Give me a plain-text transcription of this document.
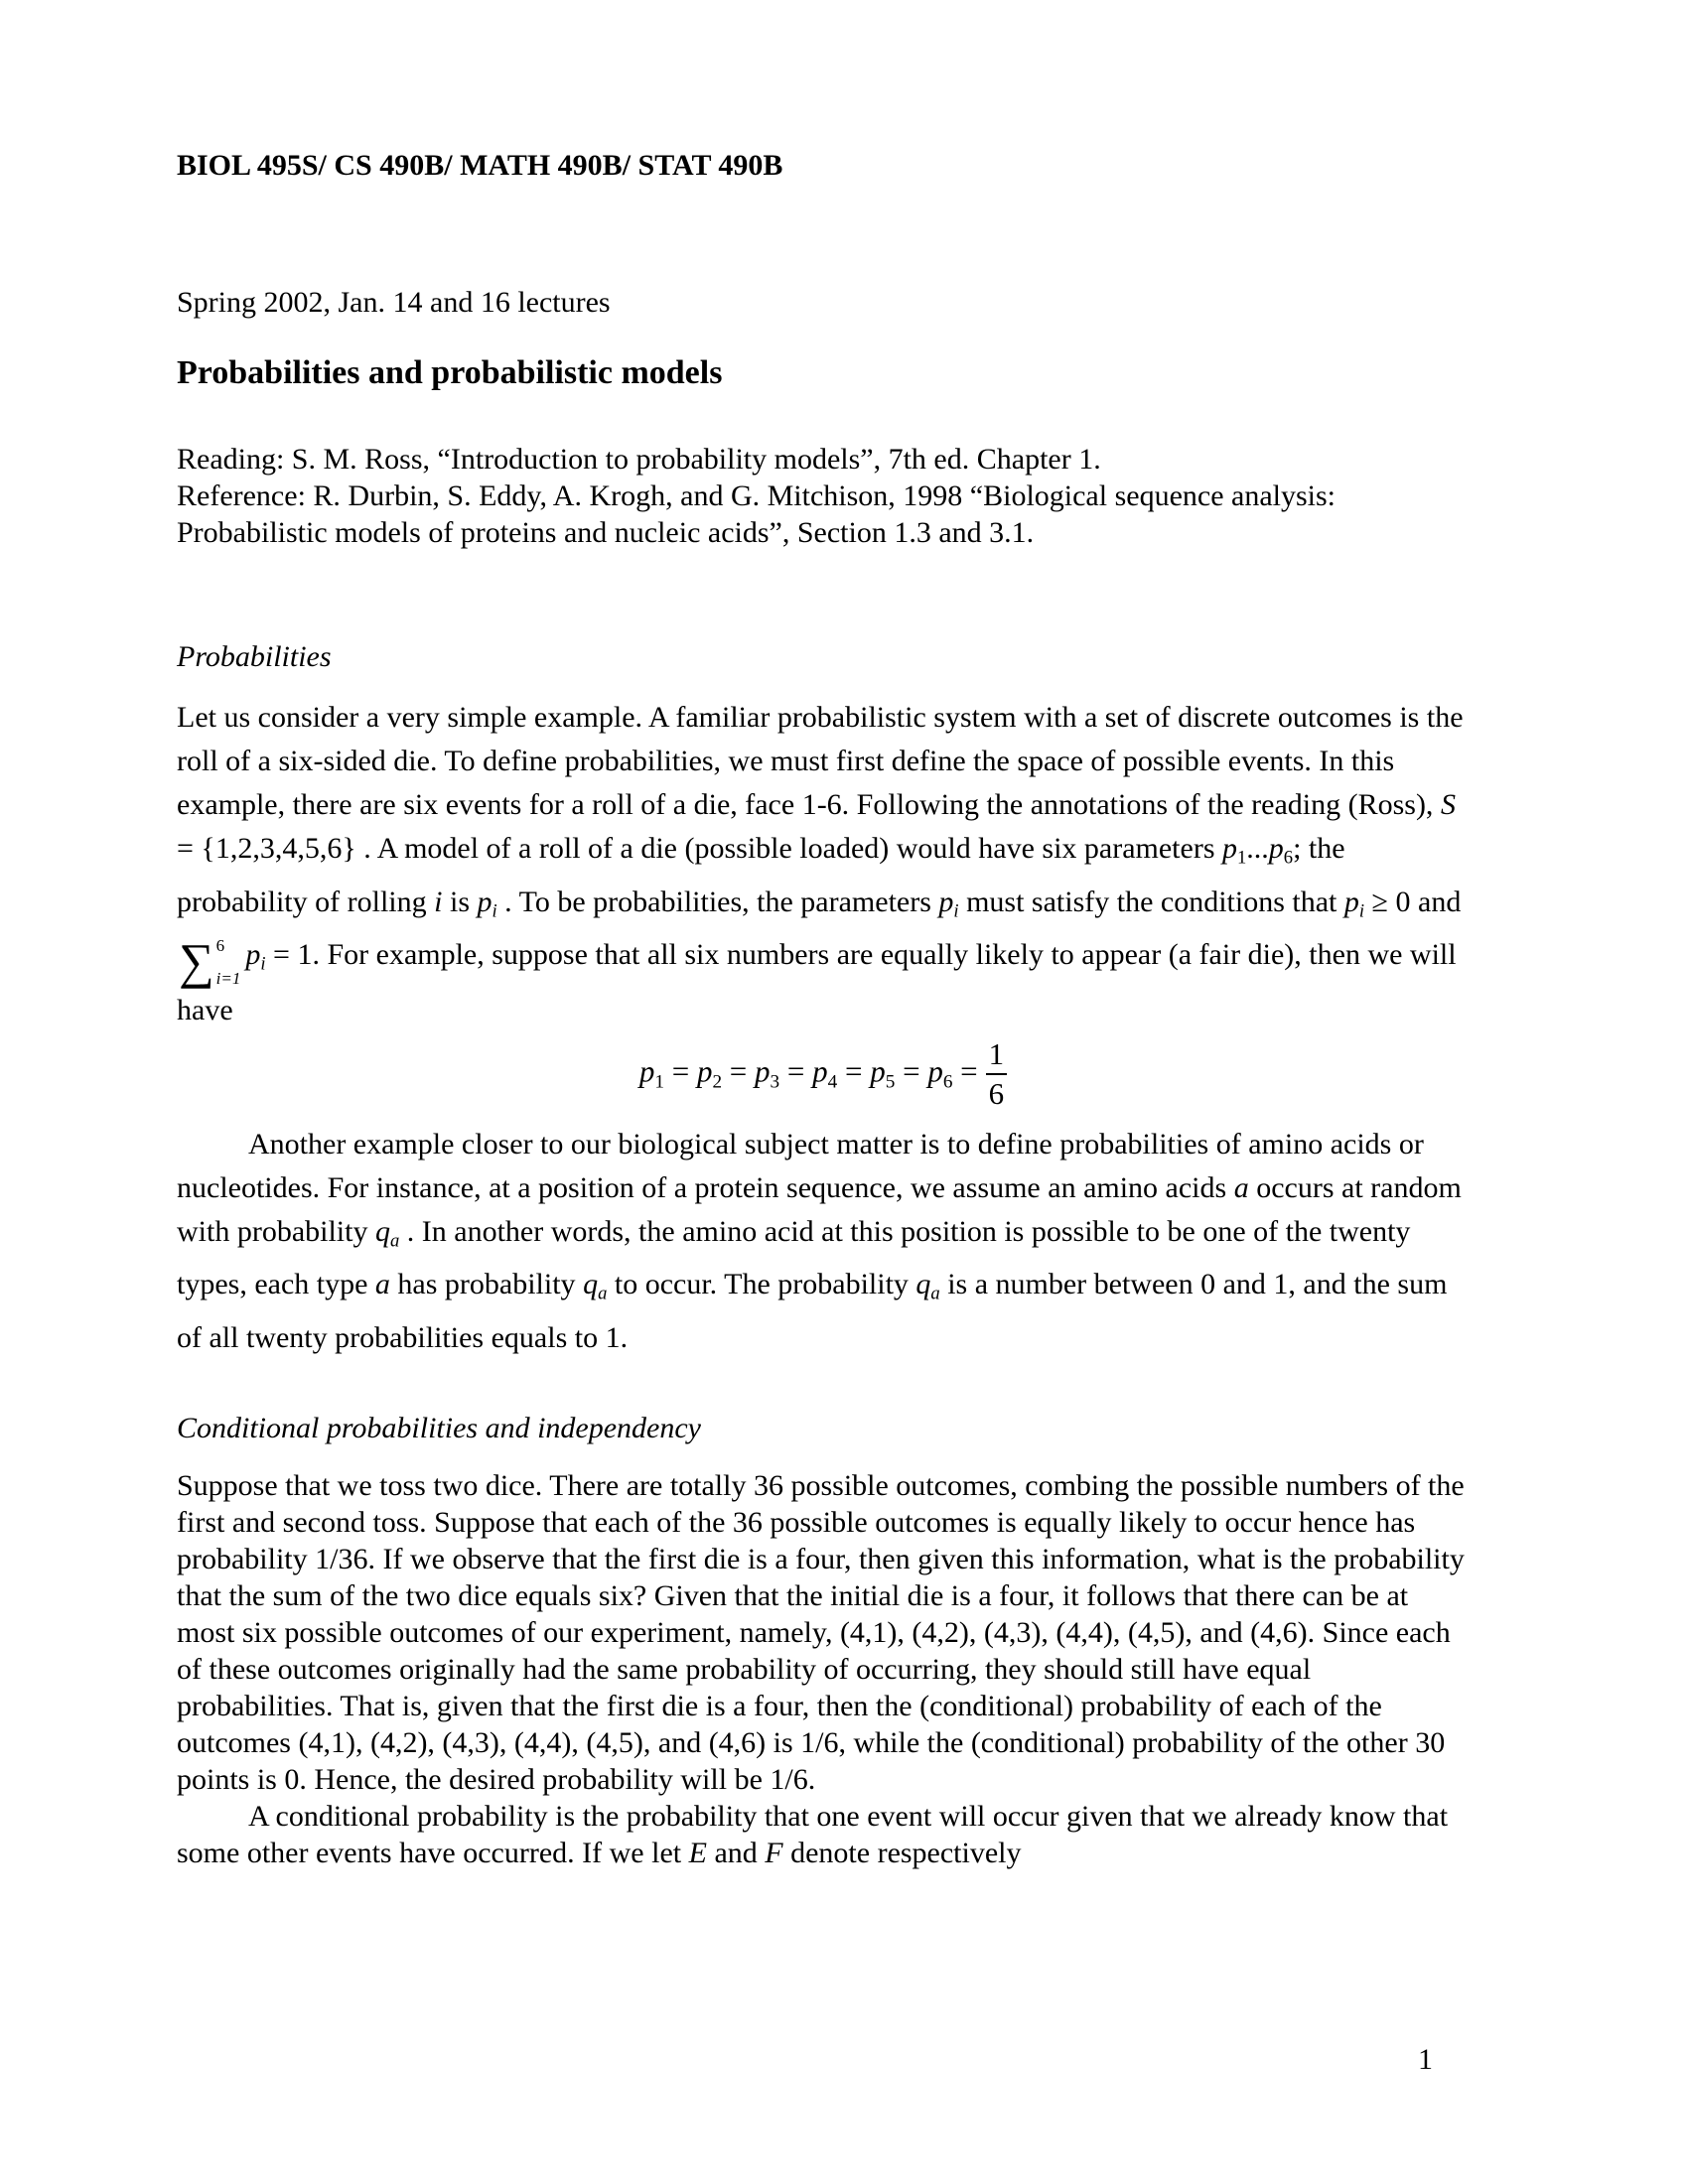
BIOL 495S/ CS 490B/ MATH 490B/ STAT 490B
Spring 2002, Jan. 14 and 16 lectures
Probabilities and probabilistic models
Reading: S. M. Ross, “Introduction to probability models”, 7th ed. Chapter 1.
Reference: R. Durbin, S. Eddy, A. Krogh, and G. Mitchison, 1998 “Biological sequence analysis: Probabilistic models of proteins and nucleic acids”, Section 1.3 and 3.1.
Probabilities
Let us consider a very simple example. A familiar probabilistic system with a set of discrete outcomes is the roll of a six-sided die. To define probabilities, we must first define the space of possible events. In this example, there are six events for a roll of a die, face 1-6. Following the annotations of the reading (Ross), S = {1,2,3,4,5,6} . A model of a roll of a die (possible loaded) would have six parameters p1...p6; the probability of rolling i is pi . To be probabilities, the parameters pi must satisfy the conditions that pi ≥ 0 and
∑ 6
i=1
pi = 1. For example, suppose that all six numbers are equally likely to appear (a fair die), then we will have
$p1 = p2 = p3 = p4 = p5 = p6 = \frac{1}{6}$
Another example closer to our biological subject matter is to define probabilities of amino acids or nucleotides. For instance, at a position of a protein sequence, we assume an amino acids a occurs at random with probability qa . In another words, the amino acid at this position is possible to be one of the twenty types, each type a has probability qa to occur. The probability qa is a number between 0 and 1, and the sum of all twenty probabilities equals to 1.
Conditional probabilities and independency
Suppose that we toss two dice. There are totally 36 possible outcomes, combing the possible numbers of the first and second toss. Suppose that each of the 36 possible outcomes is equally likely to occur hence has probability 1/36. If we observe that the first die is a four, then given this information, what is the probability that the sum of the two dice equals six? Given that the initial die is a four, it follows that there can be at most six possible outcomes of our experiment, namely, (4,1), (4,2), (4,3), (4,4), (4,5), and (4,6). Since each of these outcomes originally had the same probability of occurring, they should still have equal probabilities. That is, given that the first die is a four, then the (conditional) probability of each of the outcomes (4,1), (4,2), (4,3), (4,4), (4,5), and (4,6) is 1/6, while the (conditional) probability of the other 30 points is 0. Hence, the desired probability will be 1/6.
A conditional probability is the probability that one event will occur given that we already know that some other events have occurred. If we let E and F denote respectively
1
